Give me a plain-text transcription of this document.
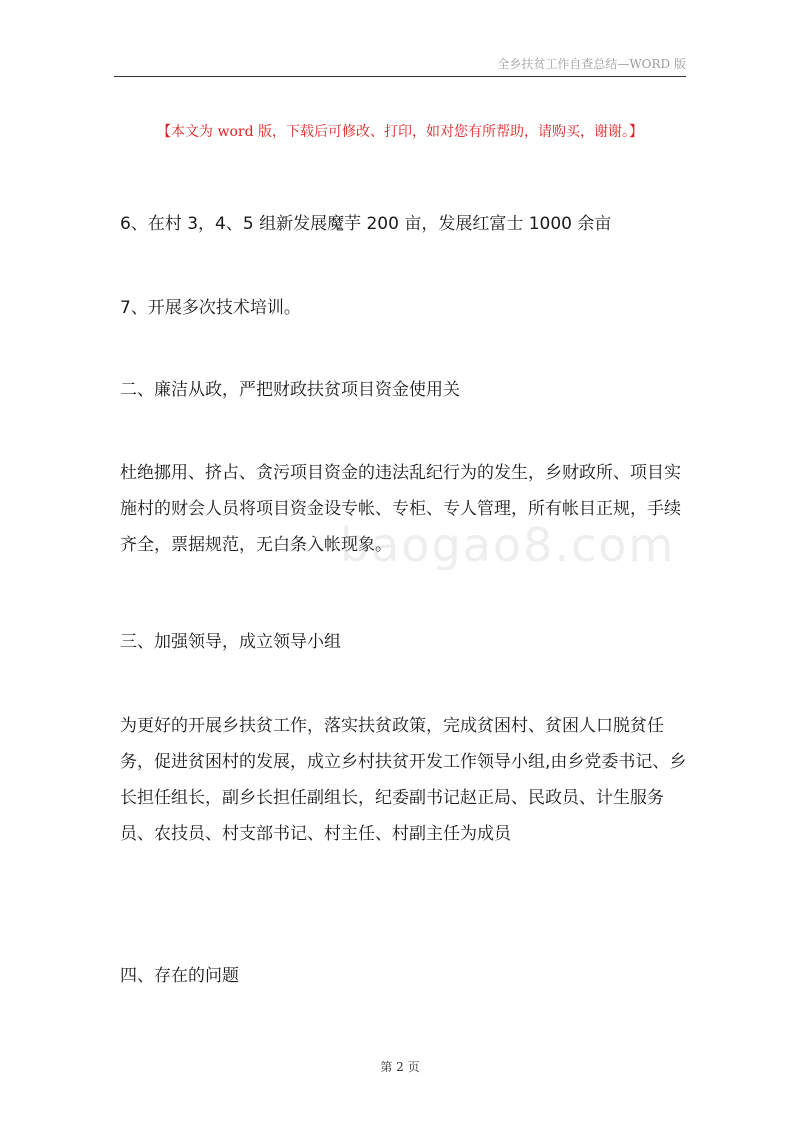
全乡扶贫工作自查总结—WORD 版
【本文为 word 版，下载后可修改、打印，如对您有所帮助，请购买，谢谢。】

6、在村 3，4、5 组新发展魔芋 200 亩，发展红富士 1000 余亩

7、开展多次技术培训。

二、廉洁从政，严把财政扶贫项目资金使用关

杜绝挪用、挤占、贪污项目资金的违法乱纪行为的发生，乡财政所、项目实施村的财会人员将项目资金设专帐、专柜、专人管理，所有帐目正规，手续齐全，票据规范，无白条入帐现象。

baogao8.com

三、加强领导，成立领导小组

为更好的开展乡扶贫工作，落实扶贫政策，完成贫困村、贫困人口脱贫任务，促进贫困村的发展，成立乡村扶贫开发工作领导小组,由乡党委书记、乡长担任组长，副乡长担任副组长，纪委副书记赵正局、民政员、计生服务员、农技员、村支部书记、村主任、村副主任为成员

四、存在的问题

第 2 页
